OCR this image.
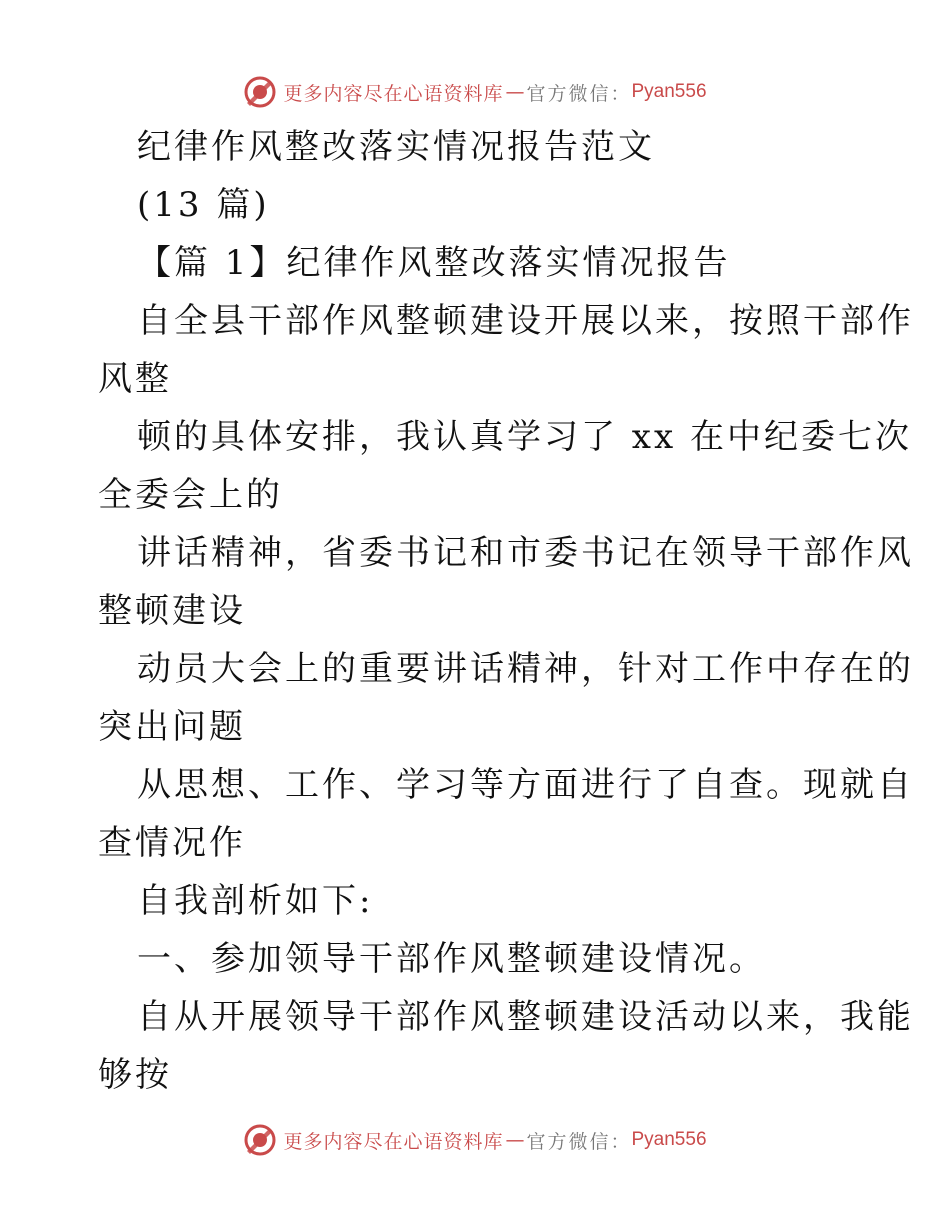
更多内容尽在心语资料库 — 官方微信： Pyan556
纪律作风整改落实情况报告范文
(13 篇)
【篇 1】纪律作风整改落实情况报告
自全县干部作风整顿建设开展以来，按照干部作
风整
顿的具体安排，我认真学习了 xx 在中纪委七次
全委会上的
讲话精神，省委书记和市委书记在领导干部作风
整顿建设
动员大会上的重要讲话精神，针对工作中存在的
突出问题
从思想、工作、学习等方面进行了自查。现就自
查情况作
自我剖析如下:
一、参加领导干部作风整顿建设情况。
自从开展领导干部作风整顿建设活动以来，我能
够按
更多内容尽在心语资料库 — 官方微信： Pyan556
